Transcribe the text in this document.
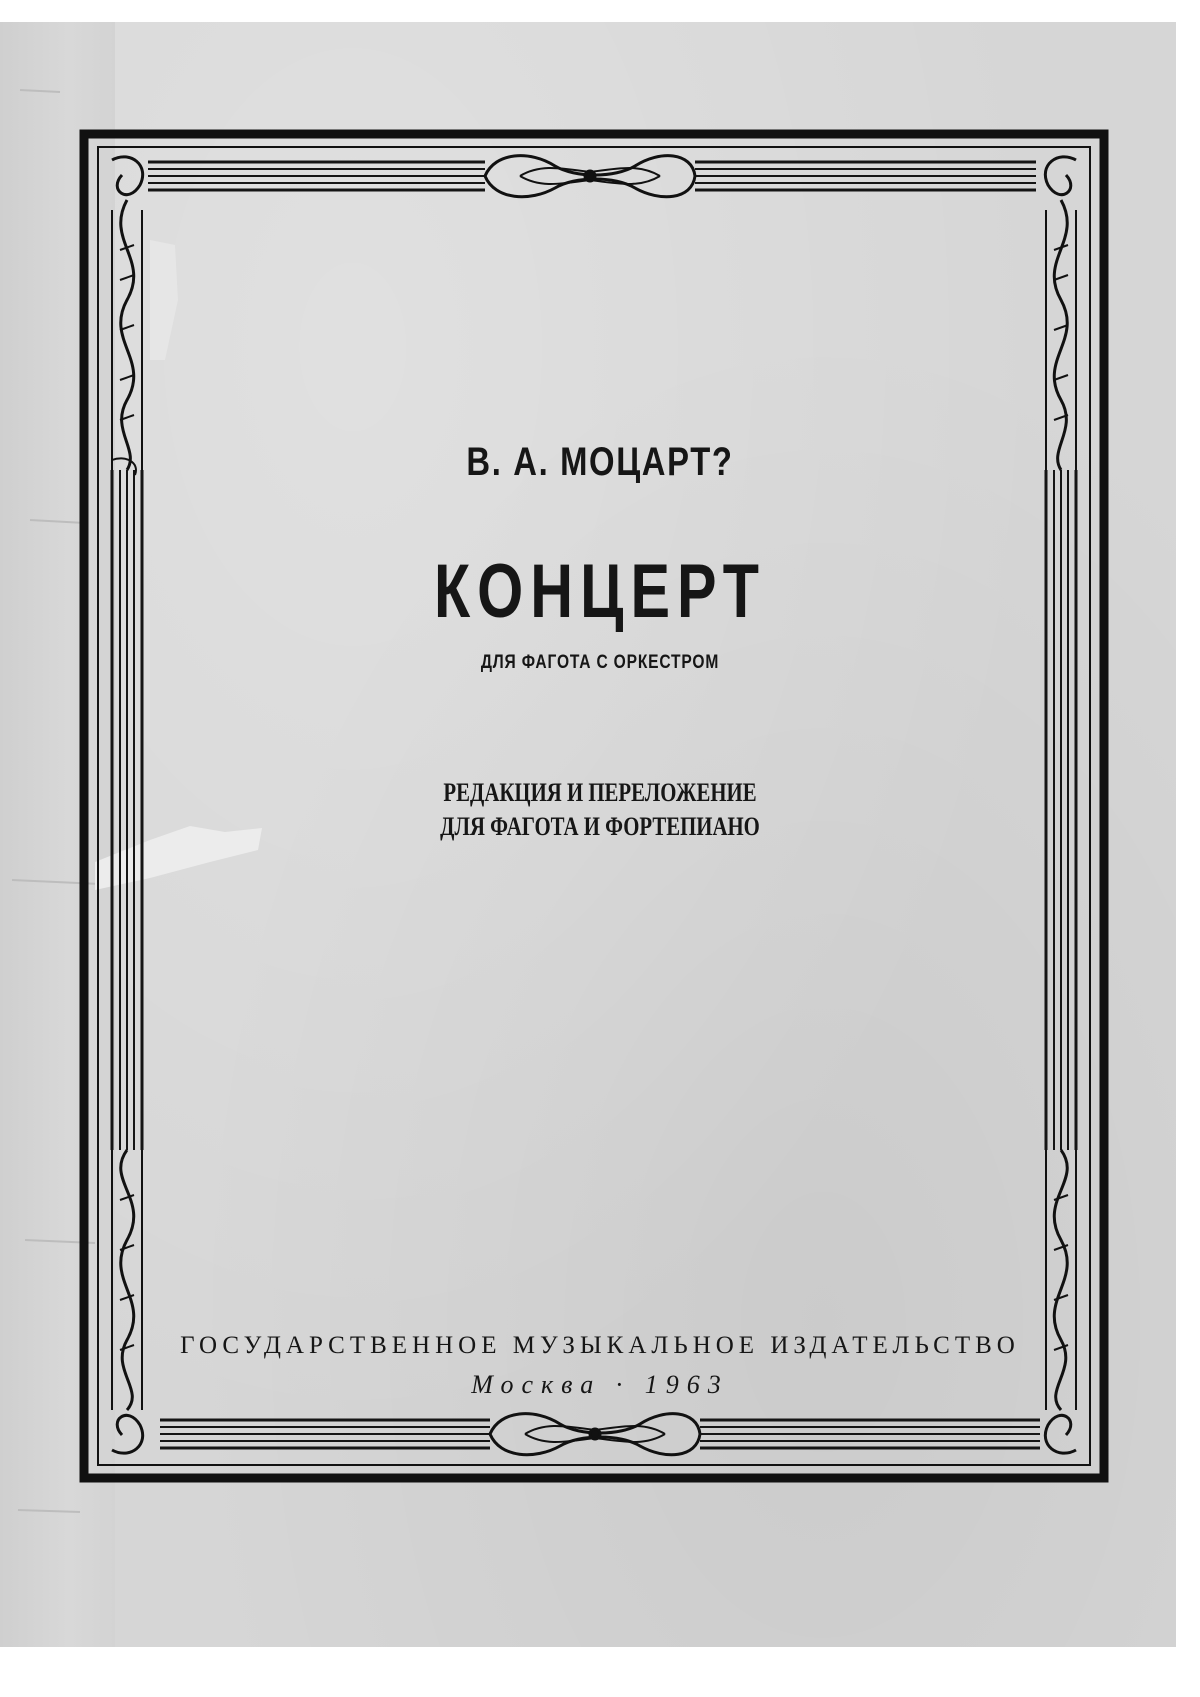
В. А. МОЦАРТ?

КОНЦЕРТ

ДЛЯ ФАГОТА С ОРКЕСТРОМ

РЕДАКЦИЯ И ПЕРЕЛОЖЕНИЕ
ДЛЯ ФАГОТА И ФОРТЕПИАНО

ГОСУДАРСТВЕННОЕ МУЗЫКАЛЬНОЕ ИЗДАТЕЛЬСТВО

Москва · 1963
